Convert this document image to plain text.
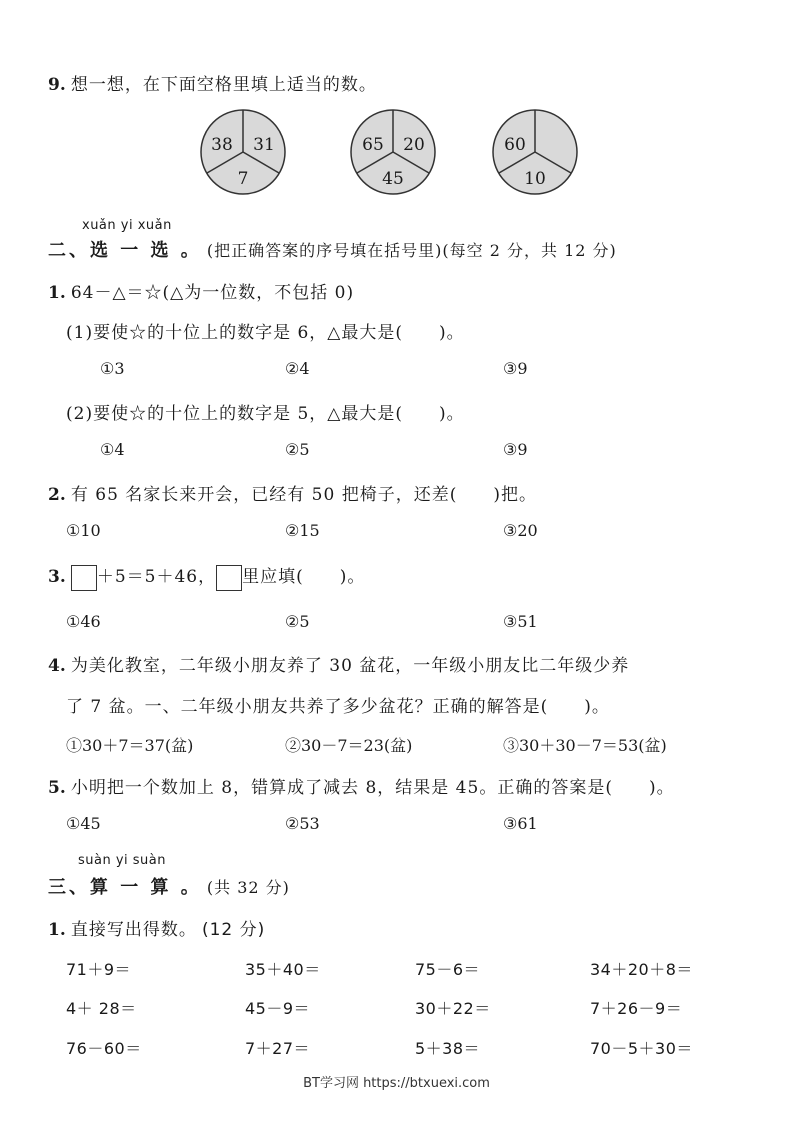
9. 想一想，在下面空格里填上适当的数。
38 31
7
65 20
45
60
10
xuǎn yi xuǎn
二、选 一 选 。 (把正确答案的序号填在括号里)(每空 2 分，共 12 分)
1. 64－△＝☆(△为一位数，不包括 0)
(1)要使☆的十位上的数字是 6，△最大是(　　)。
①3	②4	③9
(2)要使☆的十位上的数字是 5，△最大是(　　)。
①4	②5	③9
2. 有 65 名家长来开会，已经有 50 把椅子，还差(　　)把。
①10	②15	③20
3. ＋5＝5＋46， 里应填(　　)。
①46	②5	③51
4. 为美化教室，二年级小朋友养了 30 盆花，一年级小朋友比二年级少养
了 7 盆。一、二年级小朋友共养了多少盆花？正确的解答是(　　)。
①30＋7＝37(盆)	②30－7＝23(盆)	③30＋30－7＝53(盆)
5. 小明把一个数加上 8，错算成了减去 8，结果是 45。正确的答案是(　　)。
①45	②53	③61
suàn yi suàn
三、算 一 算 。 (共 32 分)
1. 直接写出得数。 (12 分)
71＋9＝	35＋40＝	75－6＝	34＋20＋8＝
4＋ 28＝	45－9＝	30＋22＝	7＋26－9＝
76－60＝	7＋27＝	5＋38＝	70－5＋30＝
BT学习网 https://btxuexi.com
